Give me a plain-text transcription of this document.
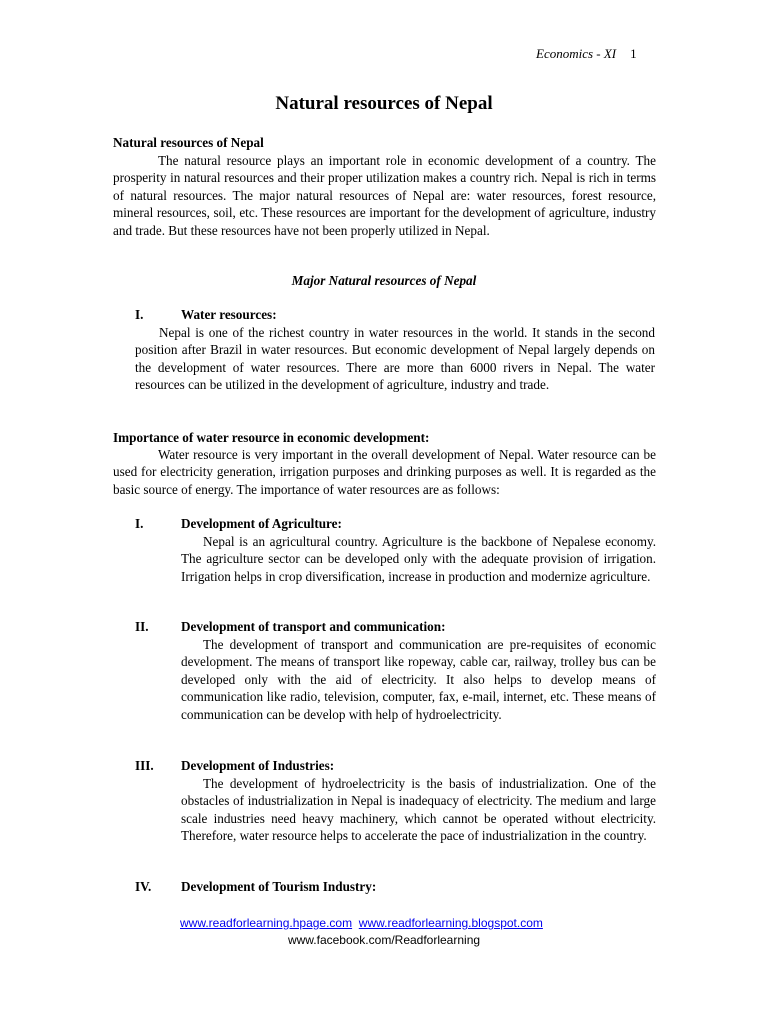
Economics - XI 1
Natural resources of Nepal
Natural resources of Nepal
The natural resource plays an important role in economic development of a country. The prosperity in natural resources and their proper utilization makes a country rich. Nepal is rich in terms of natural resources. The major natural resources of Nepal are: water resources, forest resource, mineral resources, soil, etc. These resources are important for the development of agriculture, industry and trade. But these resources have not been properly utilized in Nepal.
Major Natural resources of Nepal
I.	Water resources:
Nepal is one of the richest country in water resources in the world. It stands in the second position after Brazil in water resources. But economic development of Nepal largely depends on the development of water resources. There are more than 6000 rivers in Nepal. The water resources can be utilized in the development of agriculture, industry and trade.
Importance of water resource in economic development:
Water resource is very important in the overall development of Nepal. Water resource can be used for electricity generation, irrigation purposes and drinking purposes as well. It is regarded as the basic source of energy. The importance of water resources are as follows:
I.	Development of Agriculture:
Nepal is an agricultural country. Agriculture is the backbone of Nepalese economy. The agriculture sector can be developed only with the adequate provision of irrigation. Irrigation helps in crop diversification, increase in production and modernize agriculture.
II. Development of transport and communication:
The development of transport and communication are pre-requisites of economic development. The means of transport like ropeway, cable car, railway, trolley bus can be developed only with the aid of electricity. It also helps to develop means of communication like radio, television, computer, fax, e-mail, internet, etc. These means of communication can be develop with help of hydroelectricity.
III. Development of Industries:
The development of hydroelectricity is the basis of industrialization. One of the obstacles of industrialization in Nepal is inadequacy of electricity. The medium and large scale industries need heavy machinery, which cannot be operated without electricity. Therefore, water resource helps to accelerate the pace of industrialization in the country.
IV. Development of Tourism Industry:
www.readforlearning.hpage.com www.readforlearning.blogspot.com
www.facebook.com/Readforlearning
